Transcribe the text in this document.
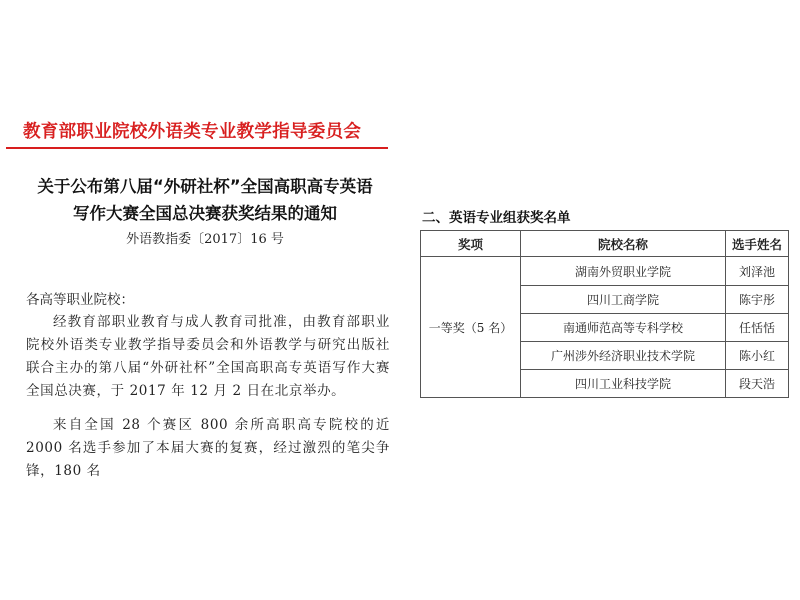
教育部职业院校外语类专业教学指导委员会
关于公布第八届“外研社杯”全国高职高专英语
写作大赛全国总决赛获奖结果的通知
外语教指委〔2017〕16 号
各高等职业院校：
经教育部职业教育与成人教育司批准，由教育部职业院校外语类专业教学指导委员会和外语教学与研究出版社联合主办的第八届“外研社杯”全国高职高专英语写作大赛全国总决赛，于 2017 年 12 月 2 日在北京举办。
来自全国 28 个赛区 800 余所高职高专院校的近 2000 名选手参加了本届大赛的复赛，经过激烈的笔尖争锋，180 名
二、英语专业组获奖名单
奖项	院校名称	选手姓名
一等奖（5 名）	湖南外贸职业学院	刘泽池
	四川工商学院	陈宇彤
	南通师范高等专科学校	任恬恬
	广州涉外经济职业技术学院	陈小红
	四川工业科技学院	段天浩
